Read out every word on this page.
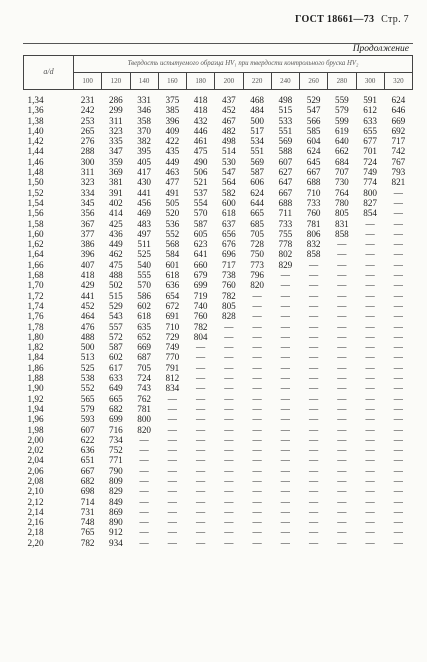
ГОСТ 18661—73 Стр. 7
Продолжение
a/d	Твердость испытуемого образца HV₁ при твердости контрольного бруска HV₂											
	100	120	140	160	180	200	220	240	260	280	300	320
1,34	231	286	331	375	418	437	468	498	529	559	591	624
1,36	242	299	346	385	418	452	484	515	547	579	612	646
1,38	253	311	358	396	432	467	500	533	566	599	633	669
1,40	265	323	370	409	446	482	517	551	585	619	655	692
1,42	276	335	382	422	461	498	534	569	604	640	677	717
1,44	288	347	395	435	475	514	551	588	624	662	701	742
1,46	300	359	405	449	490	530	569	607	645	684	724	767
1,48	311	369	417	463	506	547	587	627	667	707	749	793
1,50	323	381	430	477	521	564	606	647	688	730	774	821
1,52	334	391	441	491	537	582	624	667	710	764	800	—
1,54	345	402	456	505	554	600	644	688	733	780	827	—
1,56	356	414	469	520	570	618	665	711	760	805	854	—
1,58	367	425	483	536	587	637	685	733	781	831	—	—
1,60	377	436	497	552	605	656	705	755	806	858	—	—
1,62	386	449	511	568	623	676	728	778	832	—	—	—
1,64	396	462	525	584	641	696	750	802	858	—	—	—
1,66	407	475	540	601	660	717	773	829	—	—	—	—
1,68	418	488	555	618	679	738	796	—	—	—	—	—
1,70	429	502	570	636	699	760	820	—	—	—	—	—
1,72	441	515	586	654	719	782	—	—	—	—	—	—
1,74	452	529	602	672	740	805	—	—	—	—	—	—
1,76	464	543	618	691	760	828	—	—	—	—	—	—
1,78	476	557	635	710	782	—	—	—	—	—	—	—
1,80	488	572	652	729	804	—	—	—	—	—	—	—
1,82	500	587	669	749	—	—	—	—	—	—	—	—
1,84	513	602	687	770	—	—	—	—	—	—	—	—
1,86	525	617	705	791	—	—	—	—	—	—	—	—
1,88	538	633	724	812	—	—	—	—	—	—	—	—
1,90	552	649	743	834	—	—	—	—	—	—	—	—
1,92	565	665	762	—	—	—	—	—	—	—	—	—
1,94	579	682	781	—	—	—	—	—	—	—	—	—
1,96	593	699	800	—	—	—	—	—	—	—	—	—
1,98	607	716	820	—	—	—	—	—	—	—	—	—
2,00	622	734	—	—	—	—	—	—	—	—	—	—
2,02	636	752	—	—	—	—	—	—	—	—	—	—
2,04	651	771	—	—	—	—	—	—	—	—	—	—
2,06	667	790	—	—	—	—	—	—	—	—	—	—
2,08	682	809	—	—	—	—	—	—	—	—	—	—
2,10	698	829	—	—	—	—	—	—	—	—	—	—
2,12	714	849	—	—	—	—	—	—	—	—	—	—
2,14	731	869	—	—	—	—	—	—	—	—	—	—
2,16	748	890	—	—	—	—	—	—	—	—	—	—
2,18	765	912	—	—	—	—	—	—	—	—	—	—
2,20	782	934	—	—	—	—	—	—	—	—	—	—
